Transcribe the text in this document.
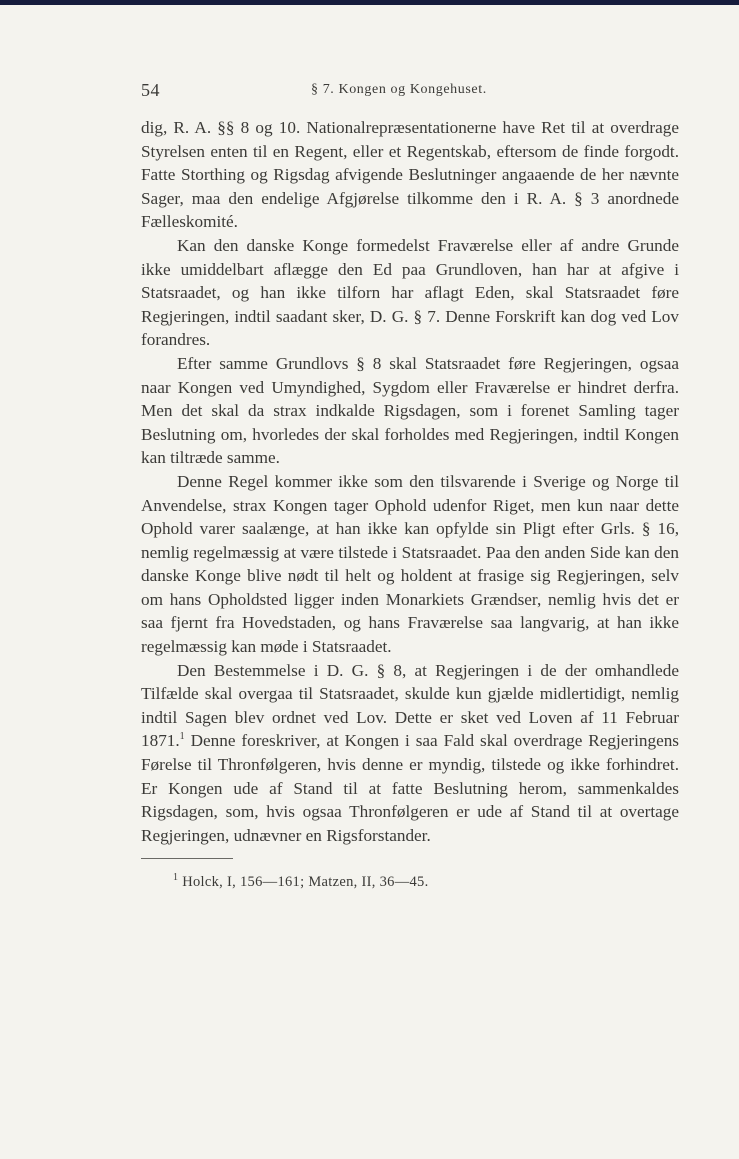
54	§ 7. Kongen og Kongehuset.

dig, R. A. §§ 8 og 10. Nationalrepræsentationerne have Ret til at overdrage Styrelsen enten til en Regent, eller et Regentskab, eftersom de finde forgodt. Fatte Storthing og Rigsdag afvigende Beslutninger angaaende de her nævnte Sager, maa den endelige Afgjørelse tilkomme den i R. A. § 3 anordnede Fælleskomité.

Kan den danske Konge formedelst Fraværelse eller af andre Grunde ikke umiddelbart aflægge den Ed paa Grundloven, han har at afgive i Statsraadet, og han ikke tilforn har aflagt Eden, skal Statsraadet føre Regjeringen, indtil saadant sker, D. G. § 7. Denne Forskrift kan dog ved Lov forandres.

Efter samme Grundlovs § 8 skal Statsraadet føre Regjeringen, ogsaa naar Kongen ved Umyndighed, Sygdom eller Fraværelse er hindret derfra. Men det skal da strax indkalde Rigsdagen, som i forenet Samling tager Beslutning om, hvorledes der skal forholdes med Regjeringen, indtil Kongen kan tiltræde samme.

Denne Regel kommer ikke som den tilsvarende i Sverige og Norge til Anvendelse, strax Kongen tager Ophold udenfor Riget, men kun naar dette Ophold varer saalænge, at han ikke kan opfylde sin Pligt efter Grls. § 16, nemlig regelmæssig at være tilstede i Statsraadet. Paa den anden Side kan den danske Konge blive nødt til helt og holdent at frasige sig Regjeringen, selv om hans Opholdsted ligger inden Monarkiets Grændser, nemlig hvis det er saa fjernt fra Hovedstaden, og hans Fraværelse saa langvarig, at han ikke regelmæssig kan møde i Statsraadet.

Den Bestemmelse i D. G. § 8, at Regjeringen i de der omhandlede Tilfælde skal overgaa til Statsraadet, skulde kun gjælde midlertidigt, nemlig indtil Sagen blev ordnet ved Lov. Dette er sket ved Loven af 11 Februar 1871.$^1$ Denne foreskriver, at Kongen i saa Fald skal overdrage Regjeringens Førelse til Thronfølgeren, hvis denne er myndig, tilstede og ikke forhindret. Er Kongen ude af Stand til at fatte Beslutning herom, sammenkaldes Rigsdagen, som, hvis ogsaa Thronfølgeren er ude af Stand til at overtage Regjeringen, udnævner en Rigsforstander.

$^1$ Holck, I, 156—161; Matzen, II, 36—45.
